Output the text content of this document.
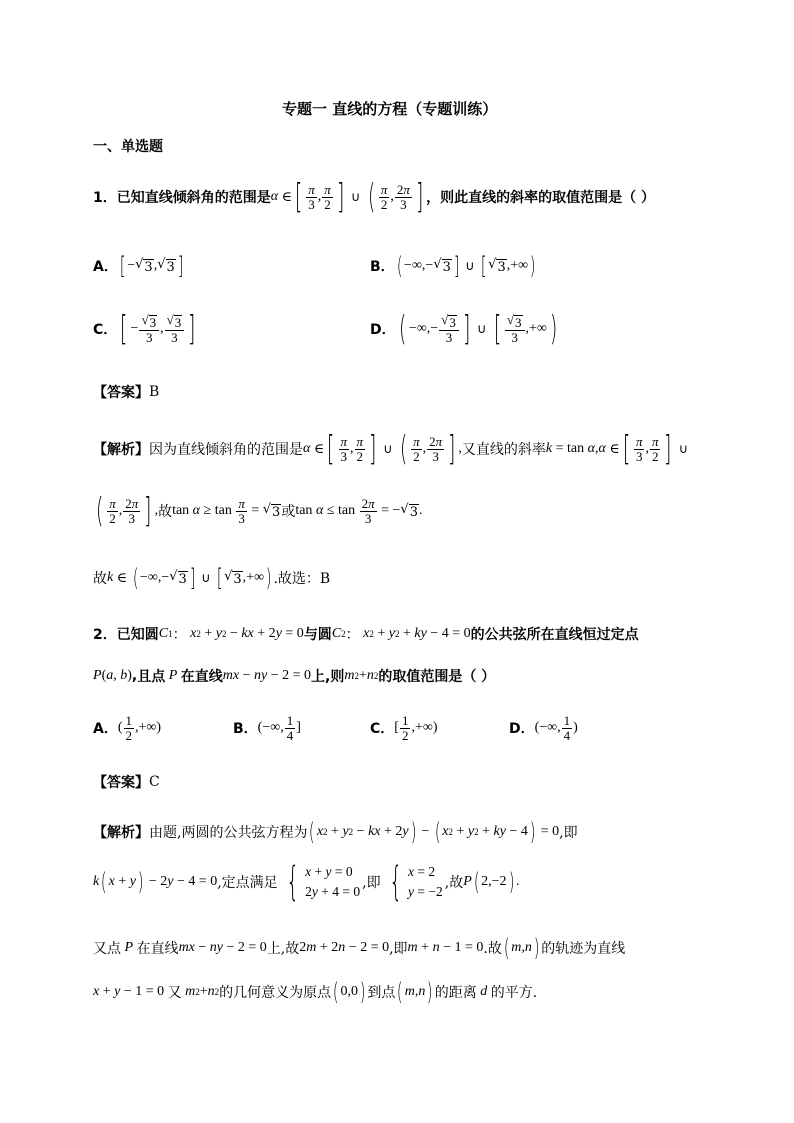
专题一 直线的方程（专题训练）
一、单选题
1． 已知直线倾斜角的范围是 α ∈ [ $\frac{\pi}{3}$ , $\frac{\pi}{2}$ ] ∪ ( $\frac{\pi}{2}$ , $\frac{2\pi}{3}$ ] ，则此直线的斜率的取值范围是（ ）
A． [ − √ 3 , √ 3 ]	B． ( −∞,− √ 3 ] ∪ [ √ 3 ,+∞ )
C． [ − $\frac{√ 3}{3}$ , $\frac{√ 3}{3}$ ]	D． ( −∞,− $\frac{√ 3}{3}$ ] ∪ [ $\frac{√ 3}{3}$ ,+∞ )
【答案】 B
【解析】 因为直线倾斜角的范围是 α ∈ [ $\frac{\pi}{3}$ , $\frac{\pi}{2}$ ] ∪ ( $\frac{\pi}{2}$ , $\frac{2\pi}{3}$ ] , 又直线的斜率 k = tan α , α ∈ [ $\frac{\pi}{3}$ , $\frac{\pi}{2}$ ] ∪
( $\frac{\pi}{2}$ , $\frac{2\pi}{3}$ ] , 故 $\tan \alpha \ge \tan \frac{\pi}{3}$ = √ 3 或 $\tan \alpha \le \tan \frac{2\pi}{3}$ = − √ 3 .
故 k ∈ ( −∞,− √ 3 ] ∪ [ √ 3 ,+∞ ) .故选：B
2． 已知圆 C 1 ： x 2 + y 2 − kx + 2 y = 0 与圆 C 2 ： x 2 + y 2 + ky − 4 = 0 的公共弦所在直线恒过定点
P ( a , b ) , 且点 P 在直线 mx − ny − 2 = 0 上,则 m 2 + n 2 的取值范围是（ ）
A． ( $\frac{1}{2}$ ,+∞)	B． (−∞, $\frac{1}{4}$ ]	C． [ $\frac{1}{2}$ ,+∞)	D． (−∞, $\frac{1}{4}$ )
【答案】 C
【解析】 由题,两圆的公共弦方程为 ( x 2 + y 2 − kx + 2 y ) − ( x 2 + y 2 + ky − 4 ) = 0 ,即
k ( x + y ) − 2 y − 4 = 0 ,定点满足 { x + y = 0
2y + 4 = 0
,即 { x = 2
y = −2
,故 P ( 2,−2 ) .
又点 P 在直线 mx − ny − 2 = 0 上,故 2 m + 2 n − 2 = 0 ,即 m + n − 1 = 0 .故 ( m , n ) 的轨迹为直线
x + y − 1 = 0 又 m 2 + n 2 的几何意义为原点 ( 0,0 ) 到点 ( m , n ) 的距离 d 的平方.
